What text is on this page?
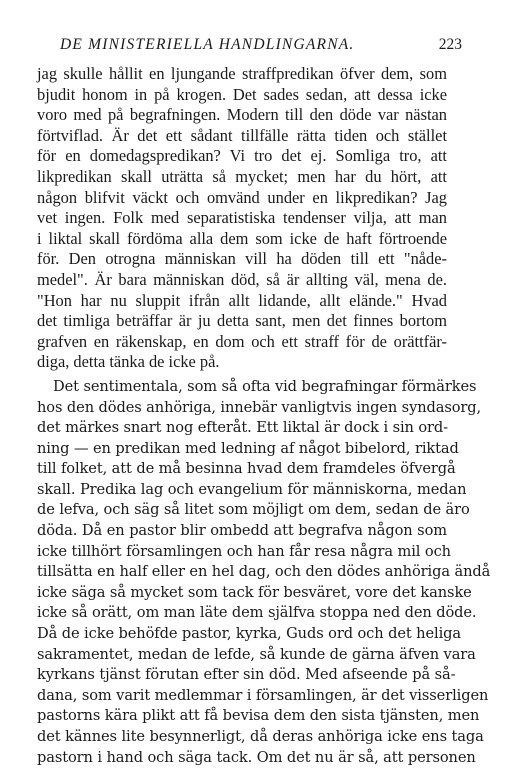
DE MINISTERIELLA HANDLINGARNA.	223
jag skulle hållit en ljungande straffpredikan öfver dem, som
bjudit honom in på krogen. Det sades sedan, att dessa icke
voro med på begrafningen. Modern till den döde var nästan
förtviflad. Är det ett sådant tillfälle rätta tiden och stället
för en domedagspredikan? Vi tro det ej. Somliga tro, att
likpredikan skall uträtta så mycket; men har du hört, att
någon blifvit väckt och omvänd under en likpredikan? Jag
vet ingen. Folk med separatistiska tendenser vilja, att man
i liktal skall fördöma alla dem som icke de haft förtroende
för. Den otrogna människan vill ha döden till ett "nåde-
medel". Är bara människan död, så är allting väl, mena de.
"Hon har nu sluppit ifrån allt lidande, allt elände." Hvad
det timliga beträffar är ju detta sant, men det finnes bortom
grafven en räkenskap, en dom och ett straff för de orättfär-
diga, detta tänka de icke på.
Det sentimentala, som så ofta vid begrafningar förmärkes
hos den dödes anhöriga, innebär vanligtvis ingen syndasorg,
det märkes snart nog efteråt. Ett liktal är dock i sin ord-
ning — en predikan med ledning af något bibelord, riktad
till folket, att de må besinna hvad dem framdeles öfvergå
skall. Predika lag och evangelium för människorna, medan
de lefva, och säg så litet som möjligt om dem, sedan de äro
döda. Då en pastor blir ombedd att begrafva någon som
icke tillhört församlingen och han får resa några mil och
tillsätta en half eller en hel dag, och den dödes anhöriga ändå
icke säga så mycket som tack för besväret, vore det kanske
icke så orätt, om man läte dem själfva stoppa ned den döde.
Då de icke behöfde pastor, kyrka, Guds ord och det heliga
sakramentet, medan de lefde, så kunde de gärna äfven vara
kyrkans tjänst förutan efter sin död. Med afseende på så-
dana, som varit medlemmar i församlingen, är det visserligen
pastorns kära plikt att få bevisa dem den sista tjänsten, men
det kännes lite besynnerligt, då deras anhöriga icke ens taga
pastorn i hand och säga tack. Om det nu är så, att personen
